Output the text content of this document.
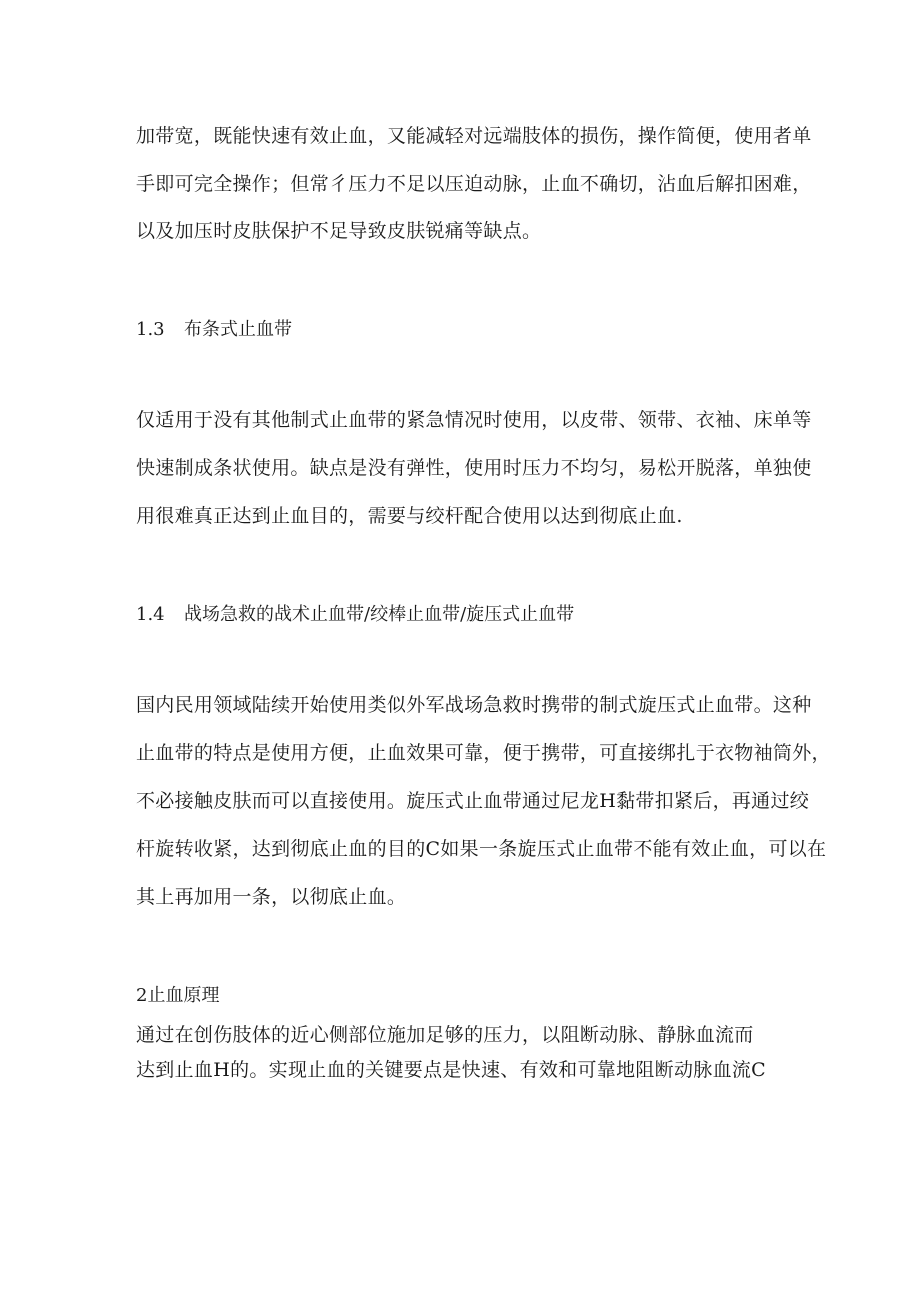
加带宽，既能快速有效止血，又能减轻对远端肢体的损伤，操作简便，使用者单
手即可完全操作；但常彳压力不足以压迫动脉，止血不确切，沾血后解扣困难，
以及加压时皮肤保护不足导致皮肤锐痛等缺点。
1.3 布条式止血带
仅适用于没有其他制式止血带的紧急情况时使用，以皮带、领带、衣袖、床单等
快速制成条状使用。缺点是没有弹性，使用时压力不均匀，易松开脱落，单独使
用很难真正达到止血目的，需要与绞杆配合使用以达到彻底止血.
1.4 战场急救的战术止血带/绞棒止血带/旋压式止血带
国内民用领域陆续开始使用类似外军战场急救时携带的制式旋压式止血带。这种
止血带的特点是使用方便，止血效果可靠，便于携带，可直接绑扎于衣物袖筒外，
不必接触皮肤而可以直接使用。旋压式止血带通过尼龙H黏带扣紧后，再通过绞
杆旋转收紧，达到彻底止血的目的C如果一条旋压式止血带不能有效止血，可以在
其上再加用一条，以彻底止血。
2止血原理
通过在创伤肢体的近心侧部位施加足够的压力，以阻断动脉、静脉血流而
达到止血H的。实现止血的关键要点是快速、有效和可靠地阻断动脉血流C
